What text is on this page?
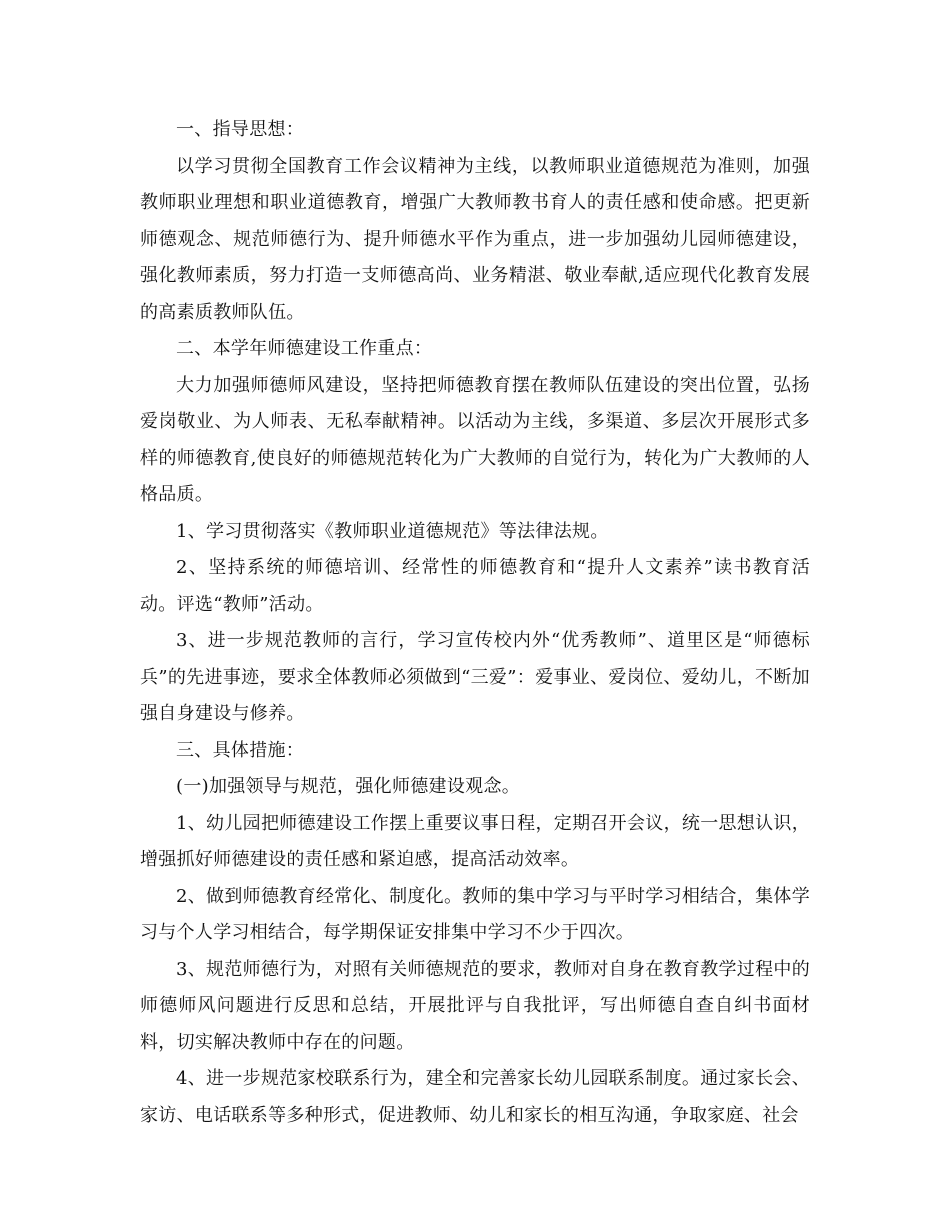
一、指导思想：

以学习贯彻全国教育工作会议精神为主线，以教师职业道德规范为准则，加强教师职业理想和职业道德教育，增强广大教师教书育人的责任感和使命感。把更新师德观念、规范师德行为、提升师德水平作为重点，进一步加强幼儿园师德建设，强化教师素质，努力打造一支师德高尚、业务精湛、敬业奉献,适应现代化教育发展的高素质教师队伍。

二、本学年师德建设工作重点：

大力加强师德师风建设，坚持把师德教育摆在教师队伍建设的突出位置，弘扬爱岗敬业、为人师表、无私奉献精神。以活动为主线，多渠道、多层次开展形式多样的师德教育,使良好的师德规范转化为广大教师的自觉行为，转化为广大教师的人格品质。

1、学习贯彻落实《教师职业道德规范》等法律法规。

2、坚持系统的师德培训、经常性的师德教育和“提升人文素养”读书教育活动。评选“教师”活动。

3、进一步规范教师的言行，学习宣传校内外“优秀教师”、道里区是“师德标兵”的先进事迹，要求全体教师必须做到“三爱”：爱事业、爱岗位、爱幼儿，不断加强自身建设与修养。

三、具体措施：

(一)加强领导与规范，强化师德建设观念。

1、幼儿园把师德建设工作摆上重要议事日程，定期召开会议，统一思想认识，增强抓好师德建设的责任感和紧迫感，提高活动效率。

2、做到师德教育经常化、制度化。教师的集中学习与平时学习相结合，集体学习与个人学习相结合，每学期保证安排集中学习不少于四次。

3、规范师德行为，对照有关师德规范的要求，教师对自身在教育教学过程中的师德师风问题进行反思和总结，开展批评与自我批评，写出师德自查自纠书面材料，切实解决教师中存在的问题。

4、进一步规范家校联系行为，建全和完善家长幼儿园联系制度。通过家长会、家访、电话联系等多种形式，促进教师、幼儿和家长的相互沟通，争取家庭、社会
